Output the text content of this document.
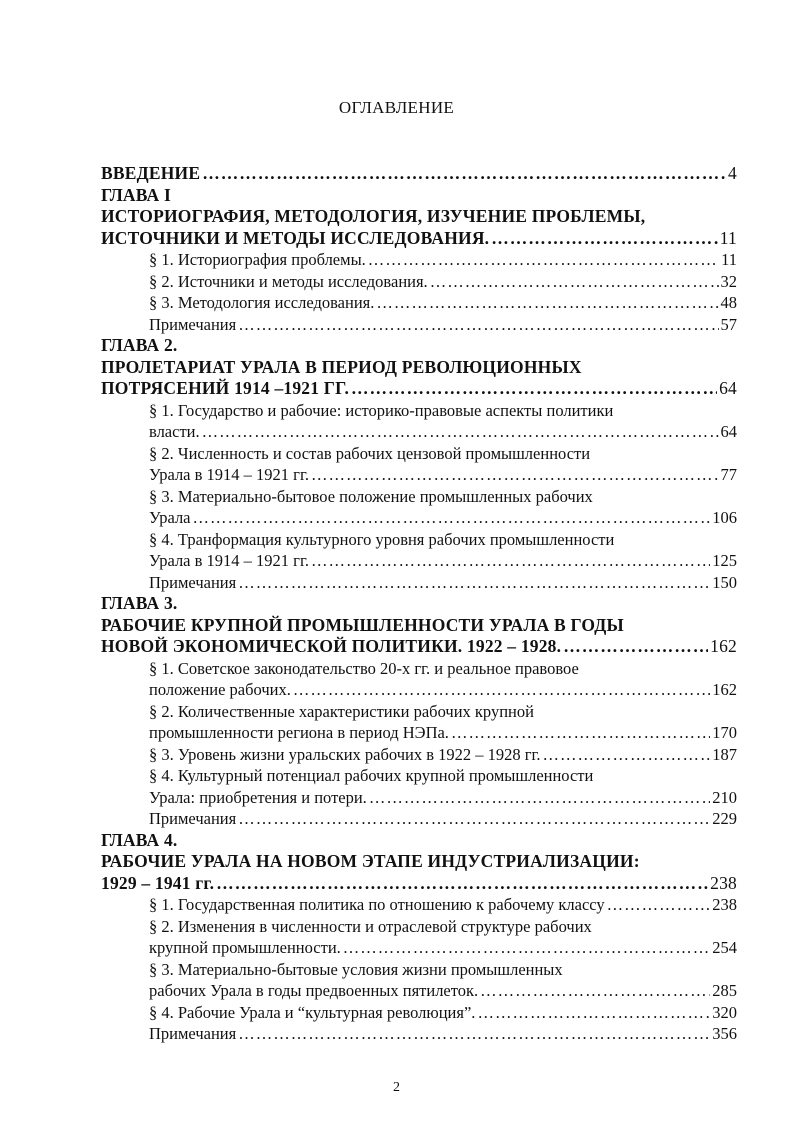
ОГЛАВЛЕНИЕ
ВВЕДЕНИЕ …………………………………………………………………………………………………………………………………………………………………………………………	4
ГЛАВА I
ИСТОРИОГРАФИЯ, МЕТОДОЛОГИЯ, ИЗУЧЕНИЕ ПРОБЛЕМЫ,
ИСТОЧНИКИ И МЕТОДЫ ИССЛЕДОВАНИЯ. …………………………………………………………………………………………………………………………………………………………………………………………	11
§ 1. Историография проблемы. …………………………………………………………………………………………………………………………………………………………………………………………	11
§ 2. Источники и методы исследования. …………………………………………………………………………………………………………………………………………………………………………………………	32
§ 3. Методология исследования. …………………………………………………………………………………………………………………………………………………………………………………………	48
Примечания …………………………………………………………………………………………………………………………………………………………………………………………	57
ГЛАВА 2.
ПРОЛЕТАРИАТ УРАЛА В ПЕРИОД РЕВОЛЮЦИОННЫХ
ПОТРЯСЕНИЙ 1914 –1921 ГГ. …………………………………………………………………………………………………………………………………………………………………………………………	64
§ 1. Государство и рабочие: историко-правовые аспекты политики
власти. …………………………………………………………………………………………………………………………………………………………………………………………	64
§ 2. Численность и состав рабочих цензовой промышленности
Урала в 1914 – 1921 гг. …………………………………………………………………………………………………………………………………………………………………………………………	77
§ 3. Материально-бытовое положение промышленных рабочих
Урала …………………………………………………………………………………………………………………………………………………………………………………………	106
§ 4. Транформация культурного уровня рабочих промышленности
Урала в 1914 – 1921 гг. …………………………………………………………………………………………………………………………………………………………………………………………	125
Примечания …………………………………………………………………………………………………………………………………………………………………………………………	150
ГЛАВА 3.
РАБОЧИЕ КРУПНОЙ ПРОМЫШЛЕННОСТИ УРАЛА В ГОДЫ
НОВОЙ ЭКОНОМИЧЕСКОЙ ПОЛИТИКИ. 1922 – 1928. …………………………………………………………………………………………………………………………………………………………………………………………	162
§ 1. Советское законодательство 20-х гг. и реальное правовое
положение рабочих. …………………………………………………………………………………………………………………………………………………………………………………………	162
§ 2. Количественные характеристики рабочих крупной
промышленности региона в период НЭПа. …………………………………………………………………………………………………………………………………………………………………………………………	170
§ 3. Уровень жизни уральских рабочих в 1922 – 1928 гг. …………………………………………………………………………………………………………………………………………………………………………………………	187
§ 4. Культурный потенциал рабочих крупной промышленности
Урала: приобретения и потери. …………………………………………………………………………………………………………………………………………………………………………………………	210
Примечания …………………………………………………………………………………………………………………………………………………………………………………………	229
ГЛАВА 4.
РАБОЧИЕ УРАЛА НА НОВОМ ЭТАПЕ ИНДУСТРИАЛИЗАЦИИ:
1929 – 1941 гг. …………………………………………………………………………………………………………………………………………………………………………………………	238
§ 1. Государственная политика по отношению к рабочему классу …………………………………………………………………………………………………………………………………………………………………………………………	238
§ 2. Изменения в численности и отраслевой структуре рабочих
крупной промышленности. …………………………………………………………………………………………………………………………………………………………………………………………	254
§ 3. Материально-бытовые условия жизни промышленных
рабочих Урала в годы предвоенных пятилеток. …………………………………………………………………………………………………………………………………………………………………………………………	285
§ 4. Рабочие Урала и “культурная революция”. …………………………………………………………………………………………………………………………………………………………………………………………	320
Примечания …………………………………………………………………………………………………………………………………………………………………………………………	356
2
